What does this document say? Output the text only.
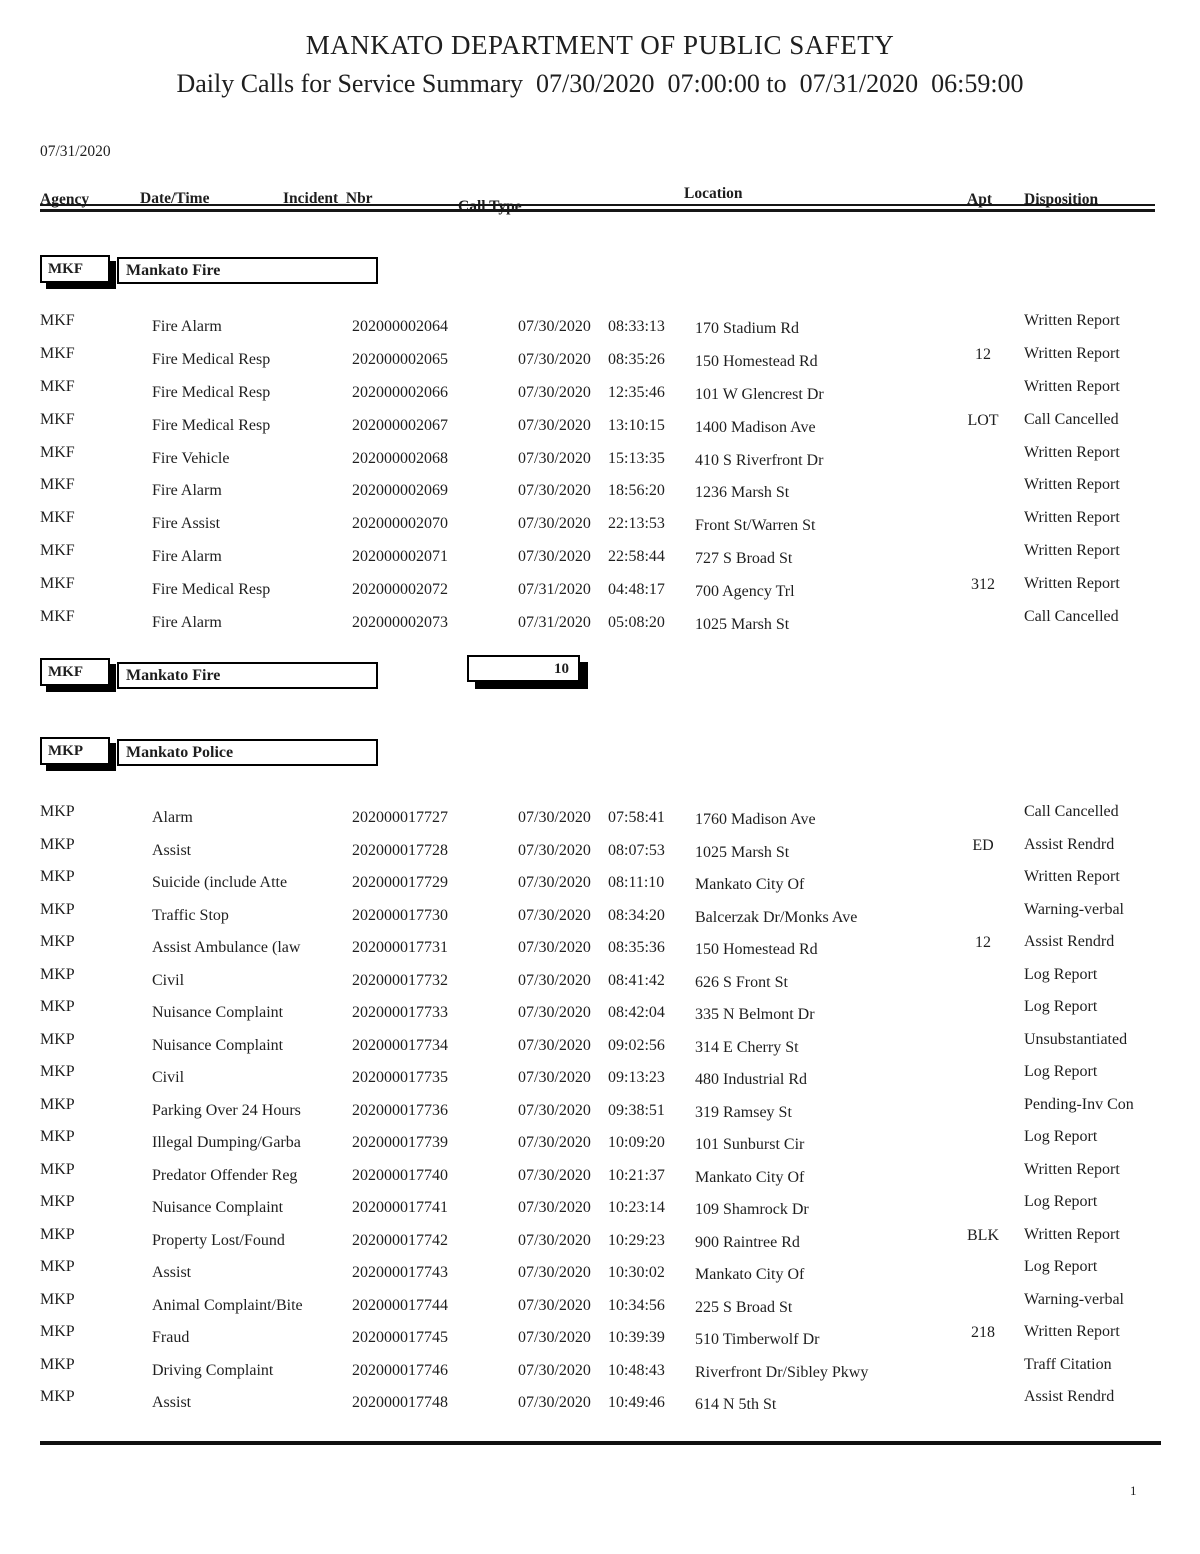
MANKATO DEPARTMENT OF PUBLIC SAFETY
Daily Calls for Service Summary  07/30/2020  07:00:00 to  07/31/2020  06:59:00
07/31/2020
Agency	Date/Time	Incident_Nbr	Call Type
Location	Apt Disposition
MKF	Mankato Fire
MKF	Fire Alarm	202000002064	07/30/2020 08:33:13 170 Stadium Rd	Written Report
MKF	Fire Medical Resp	202000002065	07/30/2020 08:35:26 150 Homestead Rd	12	Written Report
MKF	Fire Medical Resp	202000002066	07/30/2020 12:35:46 101 W Glencrest Dr	Written Report
MKF	Fire Medical Resp	202000002067	07/30/2020 13:10:15 1400 Madison Ave	LOT	Call Cancelled
MKF	Fire Vehicle	202000002068	07/30/2020 15:13:35 410 S Riverfront Dr	Written Report
MKF	Fire Alarm	202000002069	07/30/2020 18:56:20 1236 Marsh St	Written Report
MKF	Fire Assist	202000002070	07/30/2020 22:13:53 Front St/Warren St	Written Report
MKF	Fire Alarm	202000002071	07/30/2020 22:58:44 727 S Broad St	Written Report
MKF	Fire Medical Resp	202000002072	07/31/2020 04:48:17 700 Agency Trl	312	Written Report
MKF	Fire Alarm	202000002073	07/31/2020 05:08:20 1025 Marsh St	Call Cancelled
10
MKF	Mankato Fire
MKP	Mankato Police
MKP	Alarm	202000017727	07/30/2020 07:58:41 1760 Madison Ave	Call Cancelled
MKP	Assist	202000017728	07/30/2020 08:07:53 1025 Marsh St	ED	Assist Rendrd
MKP	Suicide (include Atte	202000017729	07/30/2020 08:11:10 Mankato City Of	Written Report
MKP	Traffic Stop	202000017730	07/30/2020 08:34:20 Balcerzak Dr/Monks Ave	Warning-verbal
MKP	Assist Ambulance (law	202000017731	07/30/2020 08:35:36 150 Homestead Rd	12	Assist Rendrd
MKP	Civil	202000017732	07/30/2020 08:41:42 626 S Front St	Log Report
MKP	Nuisance Complaint	202000017733	07/30/2020 08:42:04 335 N Belmont Dr	Log Report
MKP	Nuisance Complaint	202000017734	07/30/2020 09:02:56 314 E Cherry St	Unsubstantiated
MKP	Civil	202000017735	07/30/2020 09:13:23 480 Industrial Rd	Log Report
MKP	Parking Over 24 Hours	202000017736	07/30/2020 09:38:51 319 Ramsey St	Pending-Inv Con
MKP	Illegal Dumping/Garba	202000017739	07/30/2020 10:09:20 101 Sunburst Cir	Log Report
MKP	Predator Offender Reg	202000017740	07/30/2020 10:21:37 Mankato City Of	Written Report
MKP	Nuisance Complaint	202000017741	07/30/2020 10:23:14 109 Shamrock Dr	Log Report
MKP	Property Lost/Found	202000017742	07/30/2020 10:29:23 900 Raintree Rd	BLK	Written Report
MKP	Assist	202000017743	07/30/2020 10:30:02 Mankato City Of	Log Report
MKP	Animal Complaint/Bite	202000017744	07/30/2020 10:34:56 225 S Broad St	Warning-verbal
MKP	Fraud	202000017745	07/30/2020 10:39:39 510 Timberwolf Dr	218	Written Report
MKP	Driving Complaint	202000017746	07/30/2020 10:48:43 Riverfront Dr/Sibley Pkwy	Traff Citation
MKP	Assist	202000017748	07/30/2020 10:49:46 614 N 5th St	Assist Rendrd
1
